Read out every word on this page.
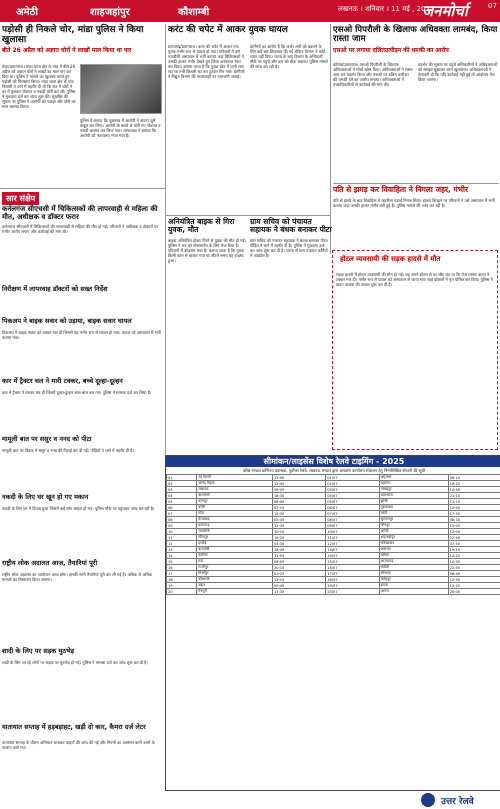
अमेठी	शाहजहांपुर	कौशाम्बी	लखनऊ । शनिवार । 11 मई , 2025
जनमोर्चा	07
पड़ोसी ही निकले चोर, मांडा पुलिस ने किया खुलासा
बीते 26 अप्रैल को अज्ञात चोरों ने लाखों माल किया था पार
मेजा/प्रयागराज। मांडा थाना क्षेत्र के गांव में बीते 26 अप्रैल को अज्ञात चोरों ने लाखों का माल पार कर दिया था। पुलिस ने मामले का खुलासा करते हुए पड़ोसी को गिरफ्तार किया। मांडा थाना क्षेत्र के गांव निवासी ने थाने में तहरीर दी थी कि रात में चोरों ने घर में घुसकर जेवरात व नकदी चोरी कर ली। पुलिस ने मुकदमा दर्ज कर जांच शुरू की। मुखबिर की सूचना पर पुलिस ने आरोपी को पकड़ा और चोरी का माल बरामद किया।
पुलिस ने बताया कि पूछताछ में आरोपी ने अपना जुर्म कबूल कर लिया। आरोपी के कब्जे से चोरी गए जेवरात व नकदी बरामद कर लिया गया। थानाध्यक्ष ने बताया कि आरोपी को न्यायालय भेजा गया है।
करंट की चपेट में आकर युवक घायल
प्रतापगढ़/प्रयागराज। करंट की चपेट में आकर एक युवक गंभीर रूप से घायल हो गया। परिजनों ने उसे नजदीकी अस्पताल में भर्ती कराया जहां चिकित्सकों ने उसकी हालत गंभीर देखते हुए जिला अस्पताल रेफर कर दिया। बताया जाता है कि युवक खेत में पानी लगा रहा था तभी बिजली का तार टूटकर गिर गया। ग्रामीणों ने विद्युत विभाग की लापरवाही पर नाराजगी जताई।
ग्रामीणों का आरोप है कि जर्जर तारों को बदलने के लिए कई बार शिकायत की गई लेकिन विभाग ने कोई ध्यान नहीं दिया। घटना के बाद विभाग के अधिकारी मौके पर पहुंचे और तार को ठीक कराया। पुलिस मामले की जांच कर रही है।
एसओ पिपरौली के खिलाफ अधिवक्ता लामबंद, किया रास्ता जाम
एसओ पर लगाया दलितउत्पीड़न की धमकी का आरोप
कोरांव/प्रयागराज। एसओ पिपरौली के खिलाफ अधिवक्ताओं ने मोर्चा खोल दिया। अधिवक्ताओं ने रास्ता जाम कर प्रदर्शन किया और एसओ पर दलित उत्पीड़न की धमकी देने का आरोप लगाया। अधिवक्ताओं ने उच्चाधिकारियों से कार्रवाई की मांग की।
प्रदर्शन की सूचना पर पहुंचे अधिकारियों ने अधिवक्ताओं को समझा-बुझाकर जाम खुलवाया। अधिवक्ताओं ने चेतावनी दी कि यदि कार्रवाई नहीं हुई तो आंदोलन तेज किया जाएगा।
पति से झगड़ कर विवाहिता ने निगला जहर, गंभीर
पति से झगड़े के बाद विवाहिता ने जहरीला पदार्थ निगल लिया। हालत बिगड़ने पर परिजनों ने उसे अस्पताल में भर्ती कराया जहां उसकी हालत गंभीर बनी हुई है। पुलिस मामले की जांच कर रही है।
अनियंत्रित बाइक से गिरा युवक, मौत
बाइक अनियंत्रित होकर गिरने से युवक की मौत हो गई। पुलिस ने शव को पोस्टमार्टम के लिए भेज दिया है। परिजनों में कोहराम मचा है। बताया जाता है कि युवक किसी काम से बाजार गया था लौटते समय यह हादसा हुआ।
ग्राम सचिव को पंचायत सहायक ने बंधक बनाकर पीटा
ग्राम सचिव को पंचायत सहायक ने बंधक बनाकर पीटा। पीड़ित ने थाने में तहरीर दी है। पुलिस ने मुकदमा दर्ज कर जांच शुरू कर दी है। घटना से ग्राम पंचायत कर्मियों में आक्रोश है।	होटल व्यवसायी की सड़क हादसे में मौत
सड़क हादसे में होटल व्यवसायी की मौत हो गई। वह अपने होटल से घर लौट रहा था कि तेज रफ्तार वाहन ने टक्कर मार दी। गंभीर रूप से घायल को अस्पताल ले जाया गया जहां डॉक्टरों ने मृत घोषित कर दिया। पुलिस ने वाहन चालक की तलाश शुरू कर दी है।
सार संक्षेप
कर्नलगंज सीएचसी में चिकित्सकों की लापरवाही से महिला की मौत, अधीक्षक व डॉक्टर फरार
कर्नलगंज सीएचसी में चिकित्सकों की लापरवाही से महिला की मौत हो गई। परिजनों ने अधीक्षक व डॉक्टरों पर गंभीर आरोप लगाए और कार्रवाई की मांग की।
निरीक्षण में लापरवाह डॉक्टरों को सख्त निर्देश
पिकअप ने बाइक सवार को उड़ाया, बाइक सवार घायल
पिकअप ने बाइक सवार को टक्कर मार दी जिससे वह गंभीर रूप से घायल हो गया। घायल को अस्पताल में भर्ती कराया गया।
कार में ट्रैक्टर चल ने मारी टक्कर, बच्चे दूल्हा-दूल्हन
कार में ट्रैक्टर ने टक्कर मार दी जिसमें दूल्हा-दूल्हन बाल-बाल बच गए। पुलिस ने मामला दर्ज कर लिया है।
मामूली बात पर ससुर व ननद को पीटा
मामूली बात पर विवाद में ससुर व ननद की पिटाई कर दी गई। पीड़ितों ने थाने में तहरीर दी है।
नकदी के लिए घर खून हो गए मकान
नकदी के लिए घर में विवाद हुआ जिसमें कई लोग घायल हो गए। पुलिस मौके पर पहुंचकर जांच कर रही है।
राष्ट्रीय लोक अदालत आज, तैयारियां पूरी
राष्ट्रीय लोक अदालत का आयोजन आज होगा। इसकी सभी तैयारियां पूरी कर ली गई हैं। अधिक से अधिक मामलों का निस्तारण किया जाएगा।
शादी के लिए पर सड़क मुठभेड़
शादी के लिए जा रहे लोगों पर सड़क पर मुठभेड़ हो गई। पुलिस ने मामला दर्ज कर जांच शुरू कर दी है।
यातायात सप्ताह में हड़बड़ाहट, खड़ी दो कार, कैमरा दर्ज लेटर
यातायात सप्ताह के दौरान अभियान चलाकर वाहनों की जांच की गई और नियमों का उल्लंघन करने वालों के चालान काटे गए।
सीमांकन/लाइसेंस विशेष रेलवे टाइमिंग - 2025
वरिष्ठ मण्डल वाणिज्य प्रबन्धक, पूर्वोत्तर रेलवे, लखनऊ मण्डल द्वारा आरक्षण कार्यालय संचालन हेतु निम्नलिखित स्टेशनों की सूची
01	नई दिल्ली	12:00	01/07	अमृतसर	08:15
02	आनंद विहार	13:40	02/07	सहरसा	16:20
03	लखनऊ	09:05	03/07	गोरखपुर	14:45
04	वाराणसी	18:30	04/07	प्रयागराज	21:10
05	कानपुर	06:50	05/07	झांसी	11:25
06	बरेली	07:15	06/07	मुरादाबाद	10:40
07	गोंडा	15:20	07/07	बस्ती	17:55
08	फैजाबाद	05:45	08/07	सुल्तानपुर	08:30
09	प्रतापगढ़	12:35	09/07	जौनपुर	15:05
10	रायबरेली	10:10	10/07	अमेठी	12:00
11	सीतापुर	19:25	11/07	शाहजहांपुर	22:40
12	हरदोई	04:30	12/07	फर्रुखाबाद	07:50
13	बाराबंकी	16:45	13/07	अयोध्या	19:15
14	देवरिया	11:55	14/07	बलिया	14:20
15	मऊ	08:05	15/07	आजमगढ़	10:35
16	गाजीपुर	20:10	16/07	चंदौली	22:55
17	मिर्जापुर	03:25	17/07	सोनभद्र	06:40
18	कौशाम्बी	13:15	18/07	फतेहपुर	15:50
19	उन्नाव	09:40	19/07	इटावा	12:25
20	मैनपुरी	17:35	20/07	आगरा	20:05
उत्तर रेलवे
